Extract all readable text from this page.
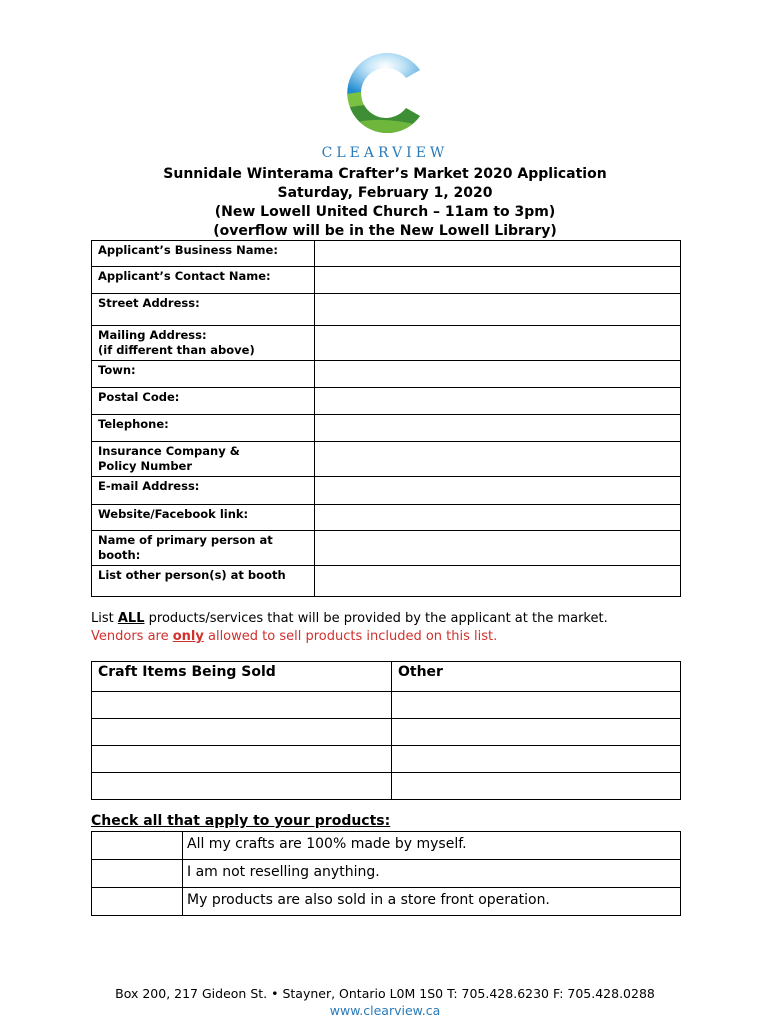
CLEARVIEW
Sunnidale Winterama Crafter’s Market 2020 Application
Saturday, February 1, 2020
(New Lowell United Church – 11am to 3pm)
(overflow will be in the New Lowell Library)
Applicant’s Business Name:	
Applicant’s Contact Name:	
Street Address:	

Mailing Address:
(if different than above)	

Town:	
Postal Code:	
Telephone:	

Insurance Company &
Policy Number	

E-mail Address:	
Website/Facebook link:	

Name of primary person at
booth:	

List other person(s) at booth	
List ALL products/services that will be provided by the applicant at the market.
Vendors are only allowed to sell products included on this list.
Craft Items Being Sold	Other

Check all that apply to your products:
	All my crafts are 100% made by myself.
	I am not reselling anything.
	My products are also sold in a store front operation.
Box 200, 217 Gideon St. • Stayner, Ontario L0M 1S0 T: 705.428.6230 F: 705.428.0288
www.clearview.ca
